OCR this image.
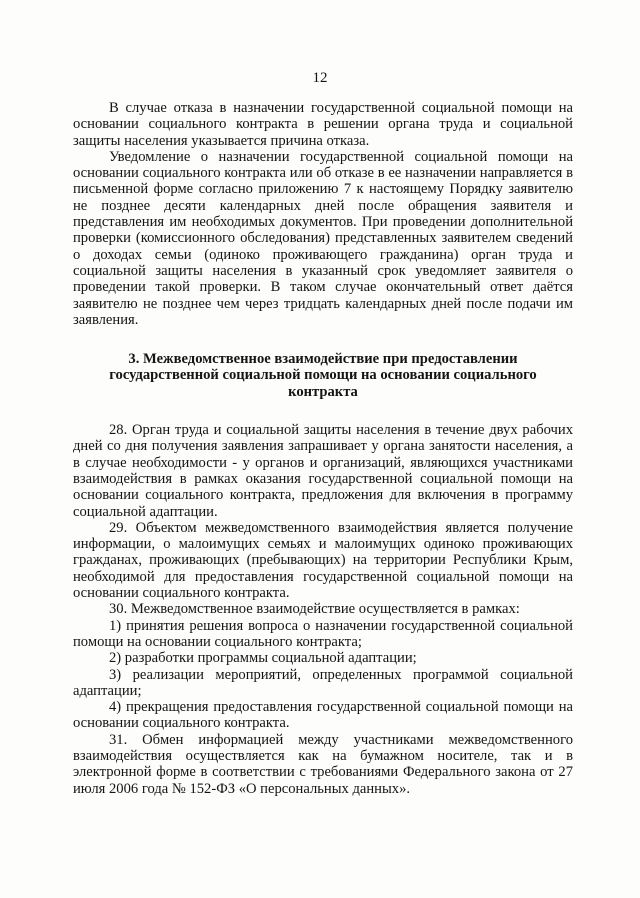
12

В случае отказа в назначении государственной социальной помощи на основании социального контракта в решении органа труда и социальной защиты населения указывается причина отказа.

Уведомление о назначении государственной социальной помощи на основании социального контракта или об отказе в ее назначении направляется в письменной форме согласно приложению 7 к настоящему Порядку заявителю не позднее десяти календарных дней после обращения заявителя и представления им необходимых документов. При проведении дополнительной проверки (комиссионного обследования) представленных заявителем сведений о доходах семьи (одиноко проживающего гражданина) орган труда и социальной защиты населения в указанный срок уведомляет заявителя о проведении такой проверки. В таком случае окончательный ответ даётся заявителю не позднее чем через тридцать календарных дней после подачи им заявления.

3. Межведомственное взаимодействие при предоставлении
государственной социальной помощи на основании социального контракта

28. Орган труда и социальной защиты населения в течение двух рабочих дней со дня получения заявления запрашивает у органа занятости населения, а в случае необходимости - у органов и организаций, являющихся участниками взаимодействия в рамках оказания государственной социальной помощи на основании социального контракта, предложения для включения в программу социальной адаптации.

29. Объектом межведомственного взаимодействия является получение информации, о малоимущих семьях и малоимущих одиноко проживающих гражданах, проживающих (пребывающих) на территории Республики Крым, необходимой для предоставления государственной социальной помощи на основании социального контракта.

30. Межведомственное взаимодействие осуществляется в рамках:

1) принятия решения вопроса о назначении государственной социальной помощи на основании социального контракта;

2) разработки программы социальной адаптации;

3) реализации мероприятий, определенных программой социальной адаптации;

4) прекращения предоставления государственной социальной помощи на основании социального контракта.

31. Обмен информацией между участниками межведомственного взаимодействия осуществляется как на бумажном носителе, так и в электронной форме в соответствии с требованиями Федерального закона от 27 июля 2006 года № 152-ФЗ «О персональных данных».
